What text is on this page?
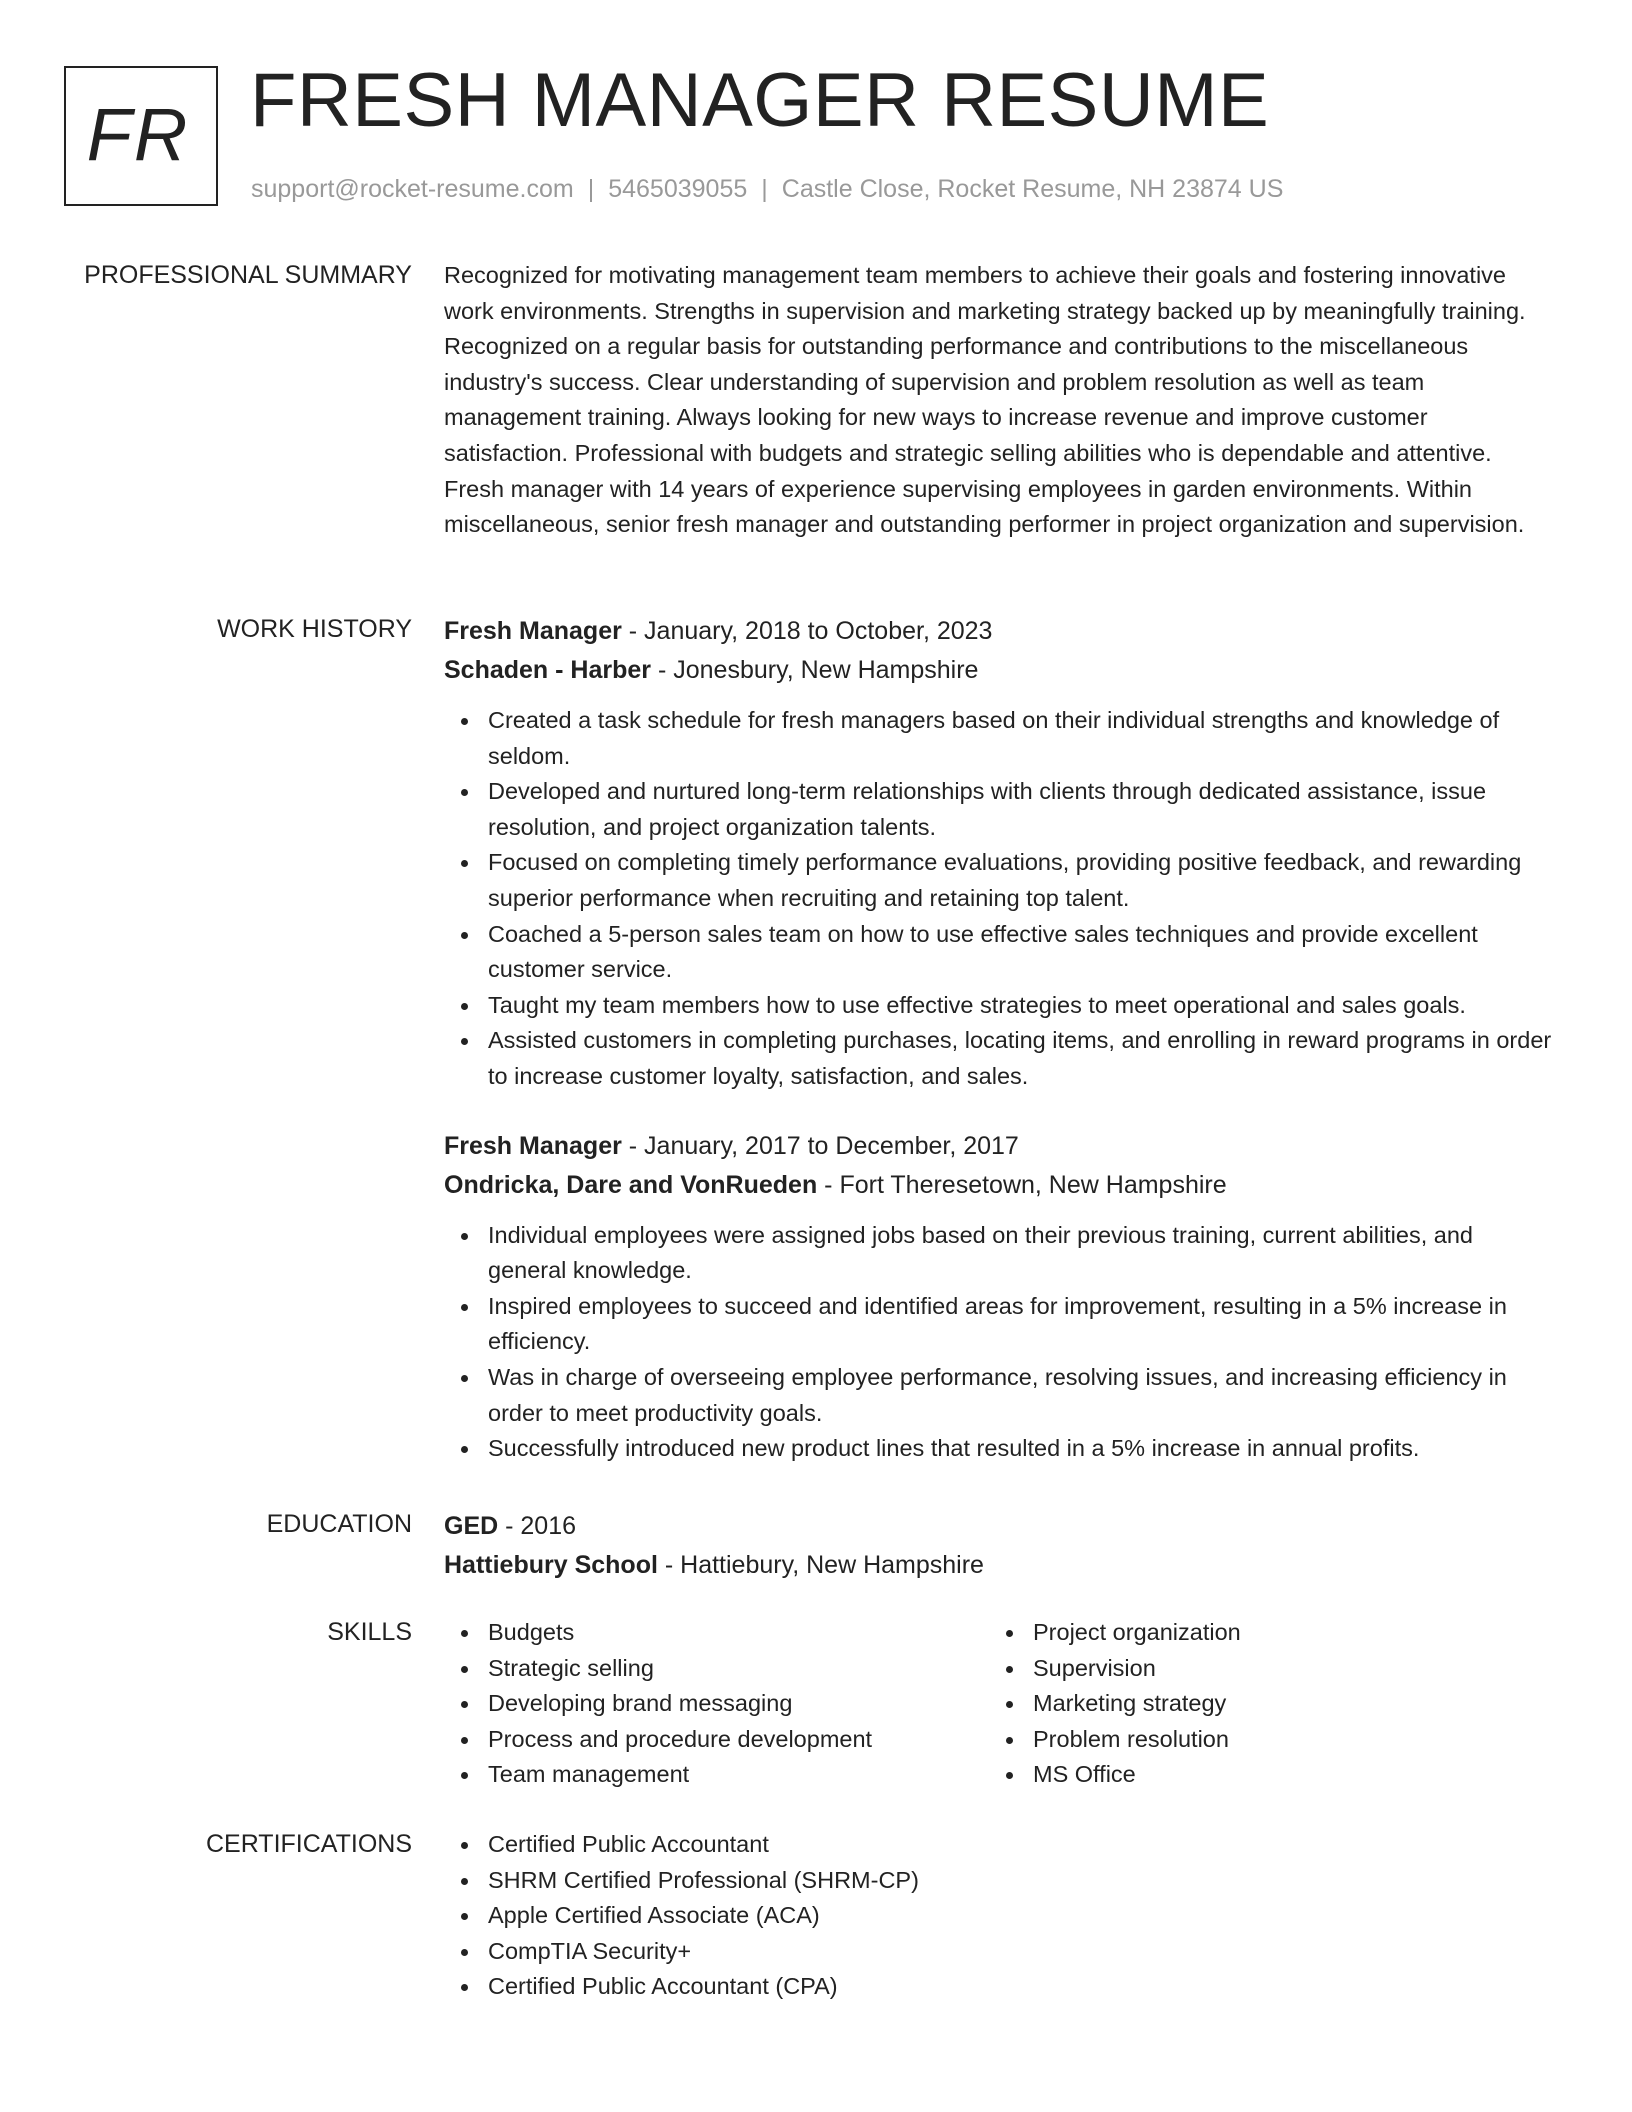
FR FRESH MANAGER RESUME
support@rocket-resume.com | 5465039055 | Castle Close, Rocket Resume, NH 23874 US
PROFESSIONAL SUMMARY Recognized for motivating management team members to achieve their goals and fostering innovative work environments. Strengths in supervision and marketing strategy backed up by meaningfully training. Recognized on a regular basis for outstanding performance and contributions to the miscellaneous industry's success. Clear understanding of supervision and problem resolution as well as team management training. Always looking for new ways to increase revenue and improve customer satisfaction. Professional with budgets and strategic selling abilities who is dependable and attentive. Fresh manager with 14 years of experience supervising employees in garden environments. Within miscellaneous, senior fresh manager and outstanding performer in project organization and supervision.

WORK HISTORY Fresh Manager - January, 2018 to October, 2023
Schaden - Harber - Jonesbury, New Hampshire
Created a task schedule for fresh managers based on their individual strengths and knowledge of seldom.
Developed and nurtured long-term relationships with clients through dedicated assistance, issue resolution, and project organization talents.
Focused on completing timely performance evaluations, providing positive feedback, and rewarding superior performance when recruiting and retaining top talent.
Coached a 5-person sales team on how to use effective sales techniques and provide excellent customer service.
Taught my team members how to use effective strategies to meet operational and sales goals.
Assisted customers in completing purchases, locating items, and enrolling in reward programs in order to increase customer loyalty, satisfaction, and sales.
Fresh Manager - January, 2017 to December, 2017
Ondricka, Dare and VonRueden - Fort Theresetown, New Hampshire
Individual employees were assigned jobs based on their previous training, current abilities, and general knowledge.
Inspired employees to succeed and identified areas for improvement, resulting in a 5% increase in efficiency.
Was in charge of overseeing employee performance, resolving issues, and increasing efficiency in order to meet productivity goals.
Successfully introduced new product lines that resulted in a 5% increase in annual profits.
EDUCATION GED - 2016
Hattiebury School - Hattiebury, New Hampshire
SKILLS	Budgets
Strategic selling
Developing brand messaging
Process and procedure development
Team management
Project organization
Supervision
Marketing strategy
Problem resolution
MS Office
CERTIFICATIONS	Certified Public Accountant
SHRM Certified Professional (SHRM-CP)
Apple Certified Associate (ACA)
CompTIA Security+
Certified Public Accountant (CPA)
